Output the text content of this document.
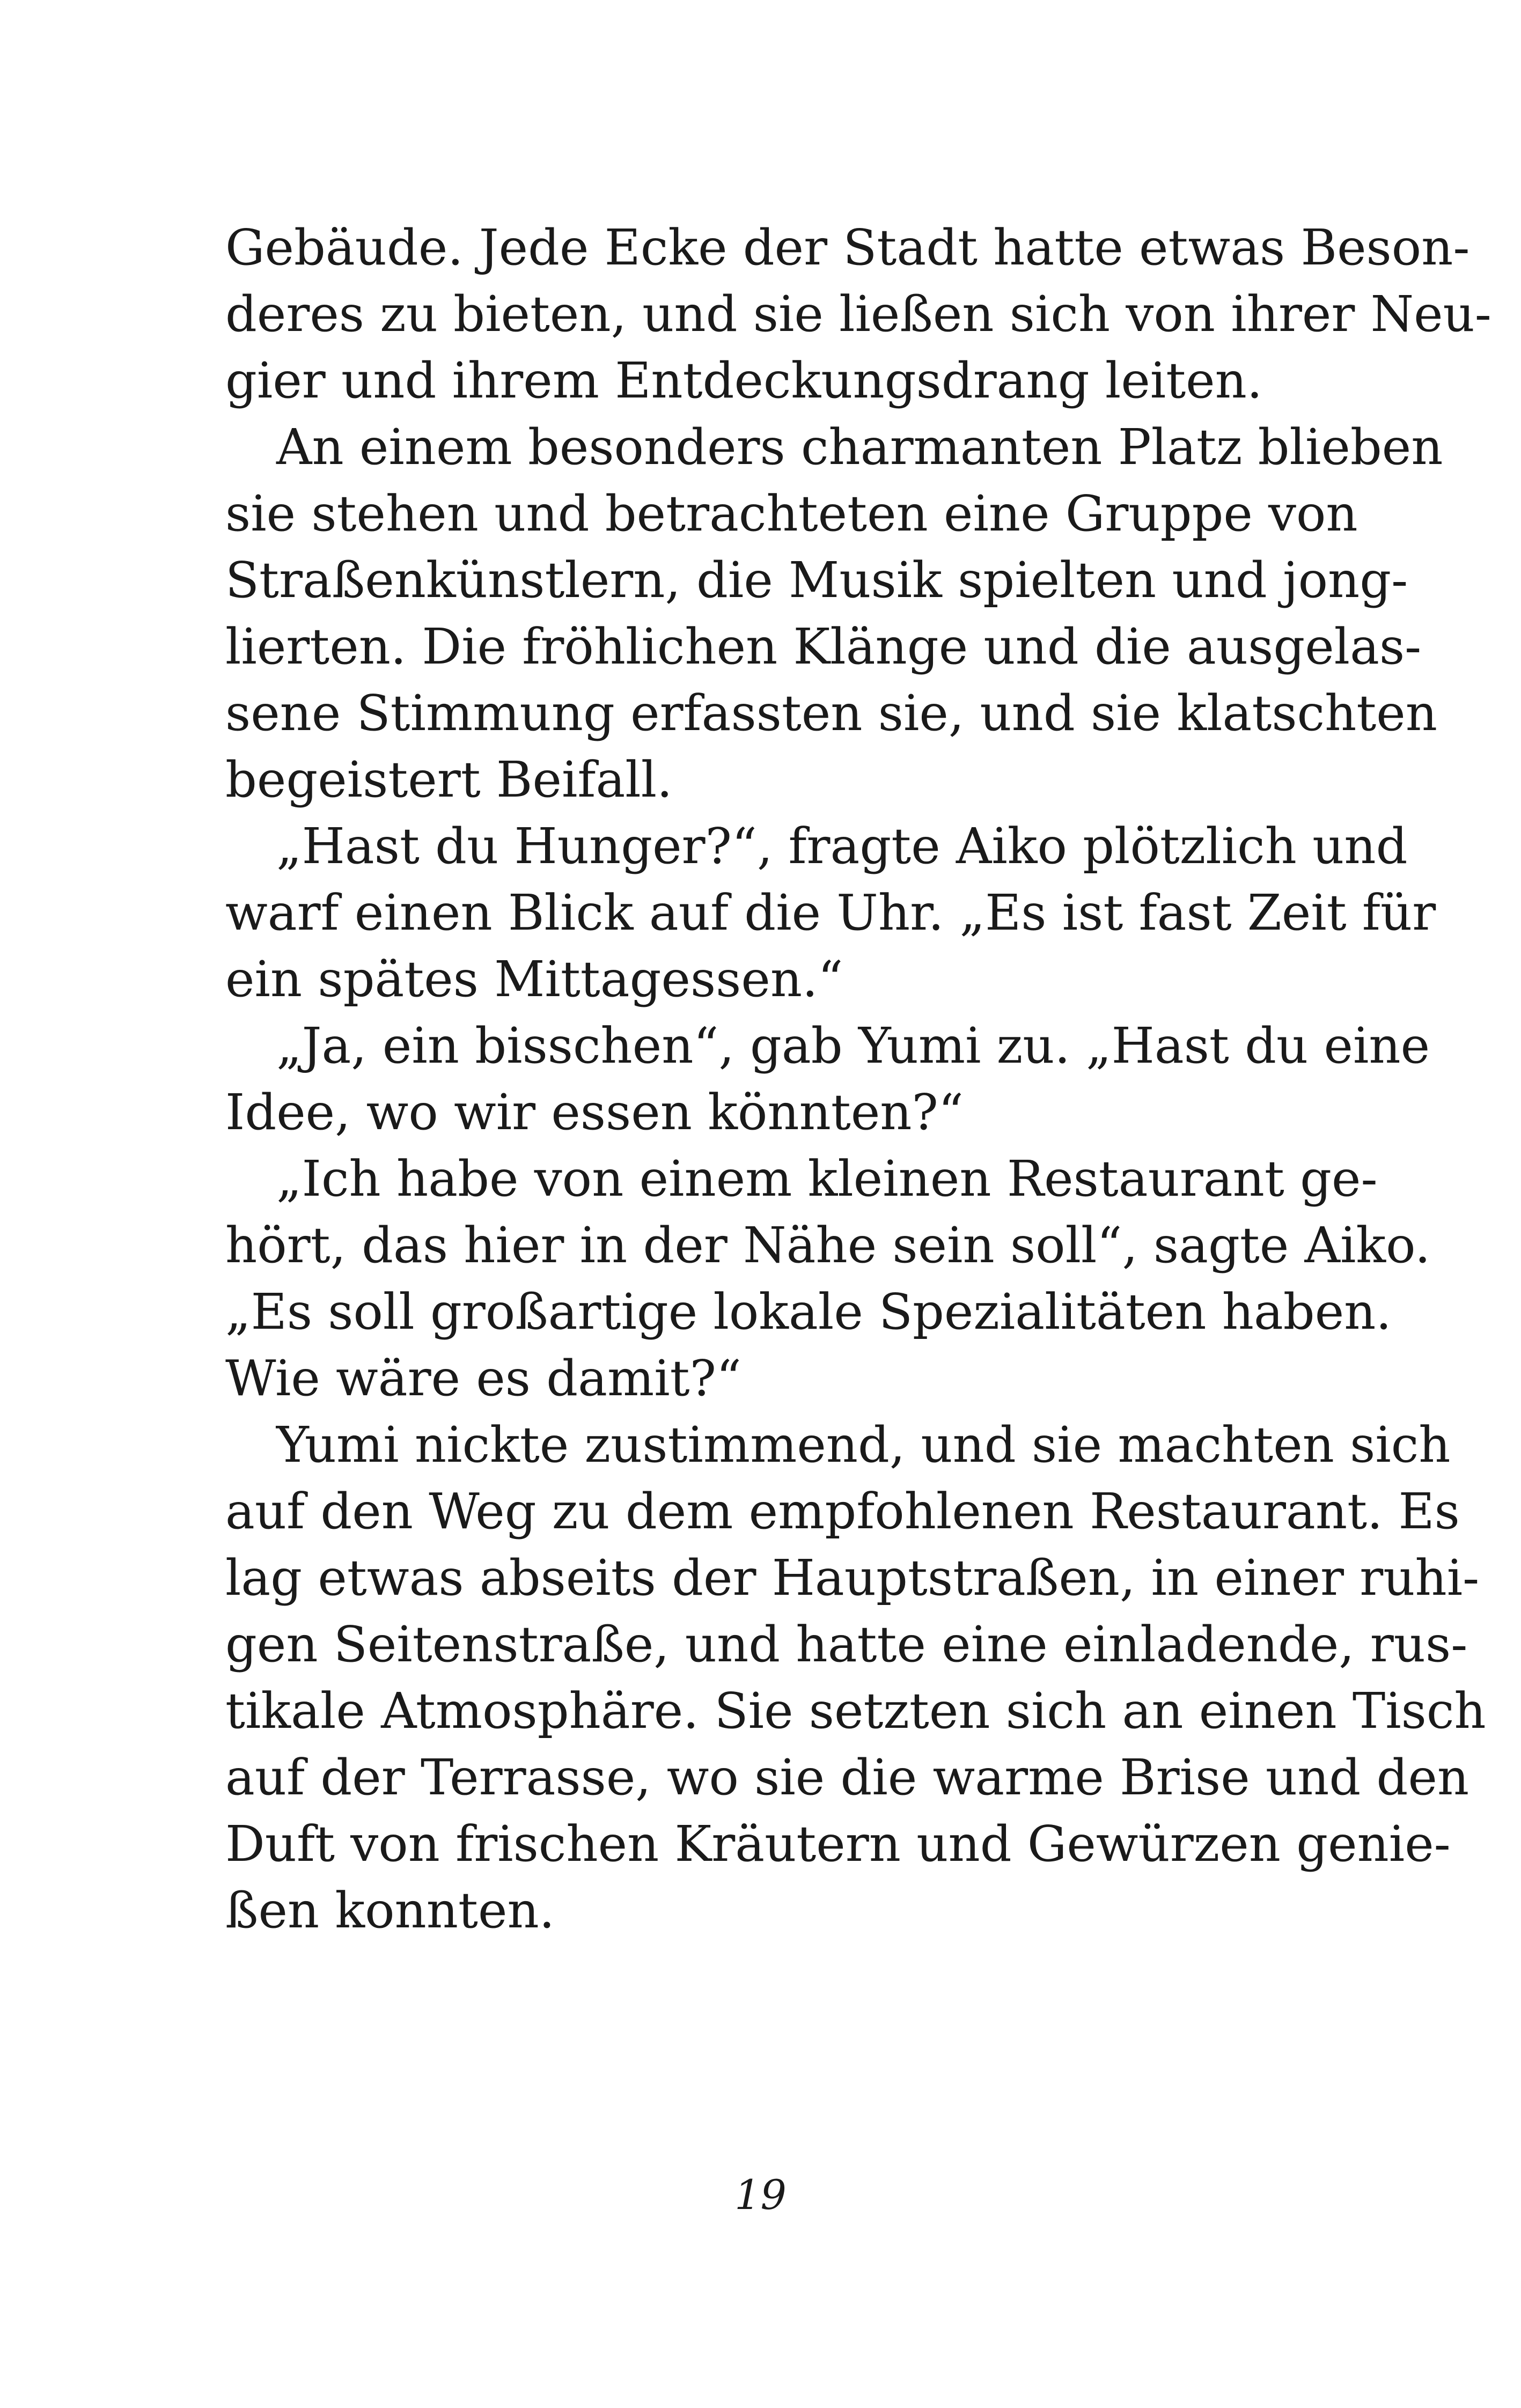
Gebäude. Jede Ecke der Stadt hatte etwas Beson-
deres zu bieten, und sie ließen sich von ihrer Neu-
gier und ihrem Entdeckungsdrang leiten.
An einem besonders charmanten Platz blieben
sie stehen und betrachteten eine Gruppe von
Straßenkünstlern, die Musik spielten und jong-
lierten. Die fröhlichen Klänge und die ausgelas-
sene Stimmung erfassten sie, und sie klatschten
begeistert Beifall.
„Hast du Hunger?“, fragte Aiko plötzlich und
warf einen Blick auf die Uhr. „Es ist fast Zeit für
ein spätes Mittagessen.“
„Ja, ein bisschen“, gab Yumi zu. „Hast du eine
Idee, wo wir essen könnten?“
„Ich habe von einem kleinen Restaurant ge-
hört, das hier in der Nähe sein soll“, sagte Aiko.
„Es soll großartige lokale Spezialitäten haben.
Wie wäre es damit?“
Yumi nickte zustimmend, und sie machten sich
auf den Weg zu dem empfohlenen Restaurant. Es
lag etwas abseits der Hauptstraßen, in einer ruhi-
gen Seitenstraße, und hatte eine einladende, rus-
tikale Atmosphäre. Sie setzten sich an einen Tisch
auf der Terrasse, wo sie die warme Brise und den
Duft von frischen Kräutern und Gewürzen genie-
ßen konnten.
19
